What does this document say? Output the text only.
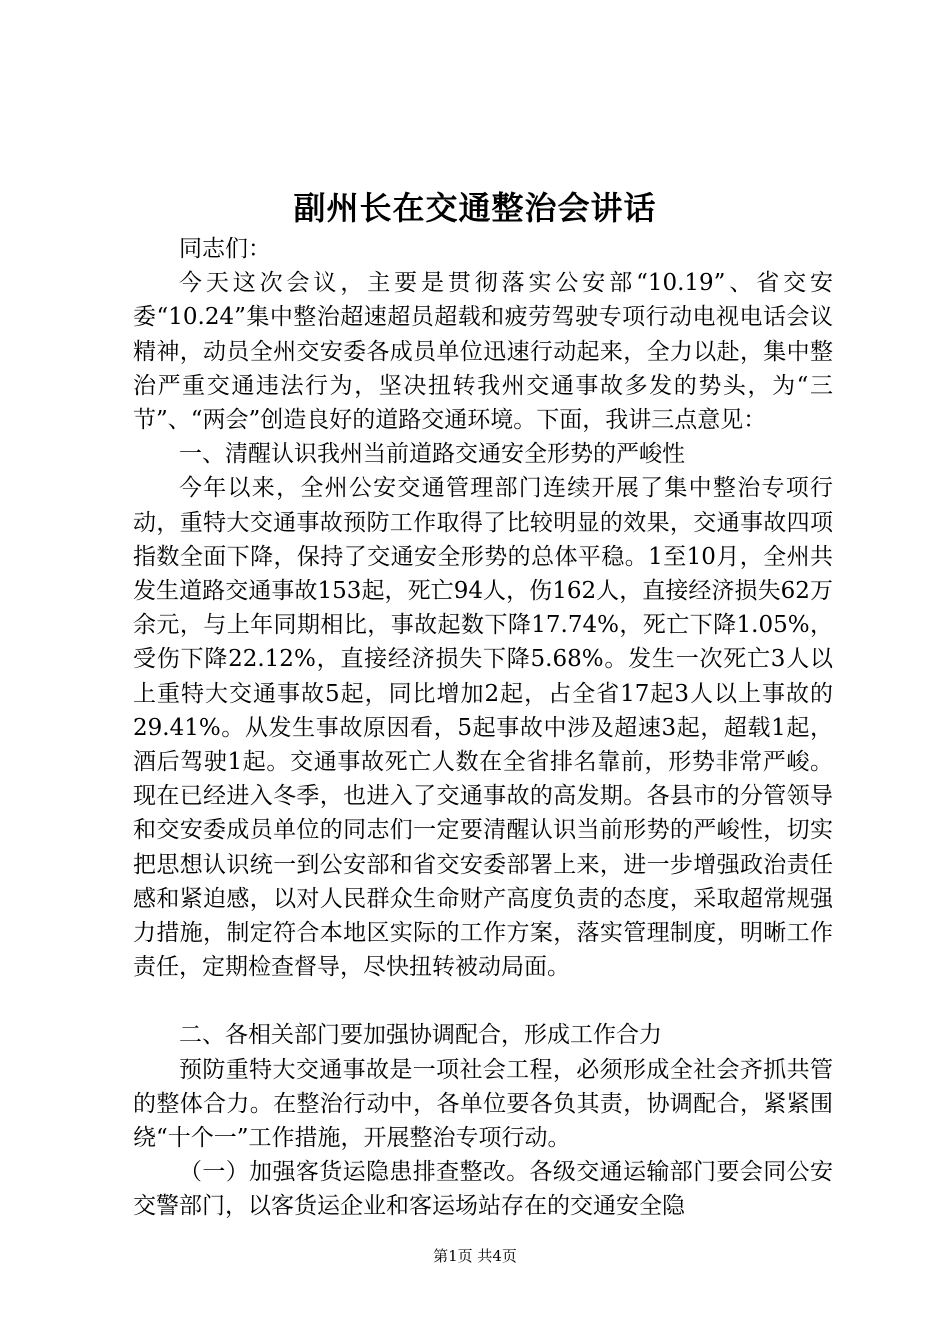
副州长在交通整治会讲话

同志们：

今天这次会议，主要是贯彻落实公安部“10.19”、省交安委“10.24”集中整治超速超员超载和疲劳驾驶专项行动电视电话会议精神，动员全州交安委各成员单位迅速行动起来，全力以赴，集中整治严重交通违法行为，坚决扭转我州交通事故多发的势头，为“三节”、“两会”创造良好的道路交通环境。下面，我讲三点意见：

一、清醒认识我州当前道路交通安全形势的严峻性

今年以来，全州公安交通管理部门连续开展了集中整治专项行动，重特大交通事故预防工作取得了比较明显的效果，交通事故四项指数全面下降，保持了交通安全形势的总体平稳。1至10月，全州共发生道路交通事故153起，死亡94人，伤162人，直接经济损失62万余元，与上年同期相比，事故起数下降17.74%，死亡下降1.05%，受伤下降22.12%，直接经济损失下降5.68%。发生一次死亡3人以上重特大交通事故5起，同比增加2起，占全省17起3人以上事故的29.41%。从发生事故原因看，5起事故中涉及超速3起，超载1起，酒后驾驶1起。交通事故死亡人数在全省排名靠前，形势非常严峻。现在已经进入冬季，也进入了交通事故的高发期。各县市的分管领导和交安委成员单位的同志们一定要清醒认识当前形势的严峻性，切实把思想认识统一到公安部和省交安委部署上来，进一步增强政治责任感和紧迫感，以对人民群众生命财产高度负责的态度，采取超常规强力措施，制定符合本地区实际的工作方案，落实管理制度，明晰工作责任，定期检查督导，尽快扭转被动局面。

二、各相关部门要加强协调配合，形成工作合力

预防重特大交通事故是一项社会工程，必须形成全社会齐抓共管的整体合力。在整治行动中，各单位要各负其责，协调配合，紧紧围绕“十个一”工作措施，开展整治专项行动。

（一）加强客货运隐患排查整改。各级交通运输部门要会同公安交警部门，以客货运企业和客运场站存在的交通安全隐

第1页 共4页
